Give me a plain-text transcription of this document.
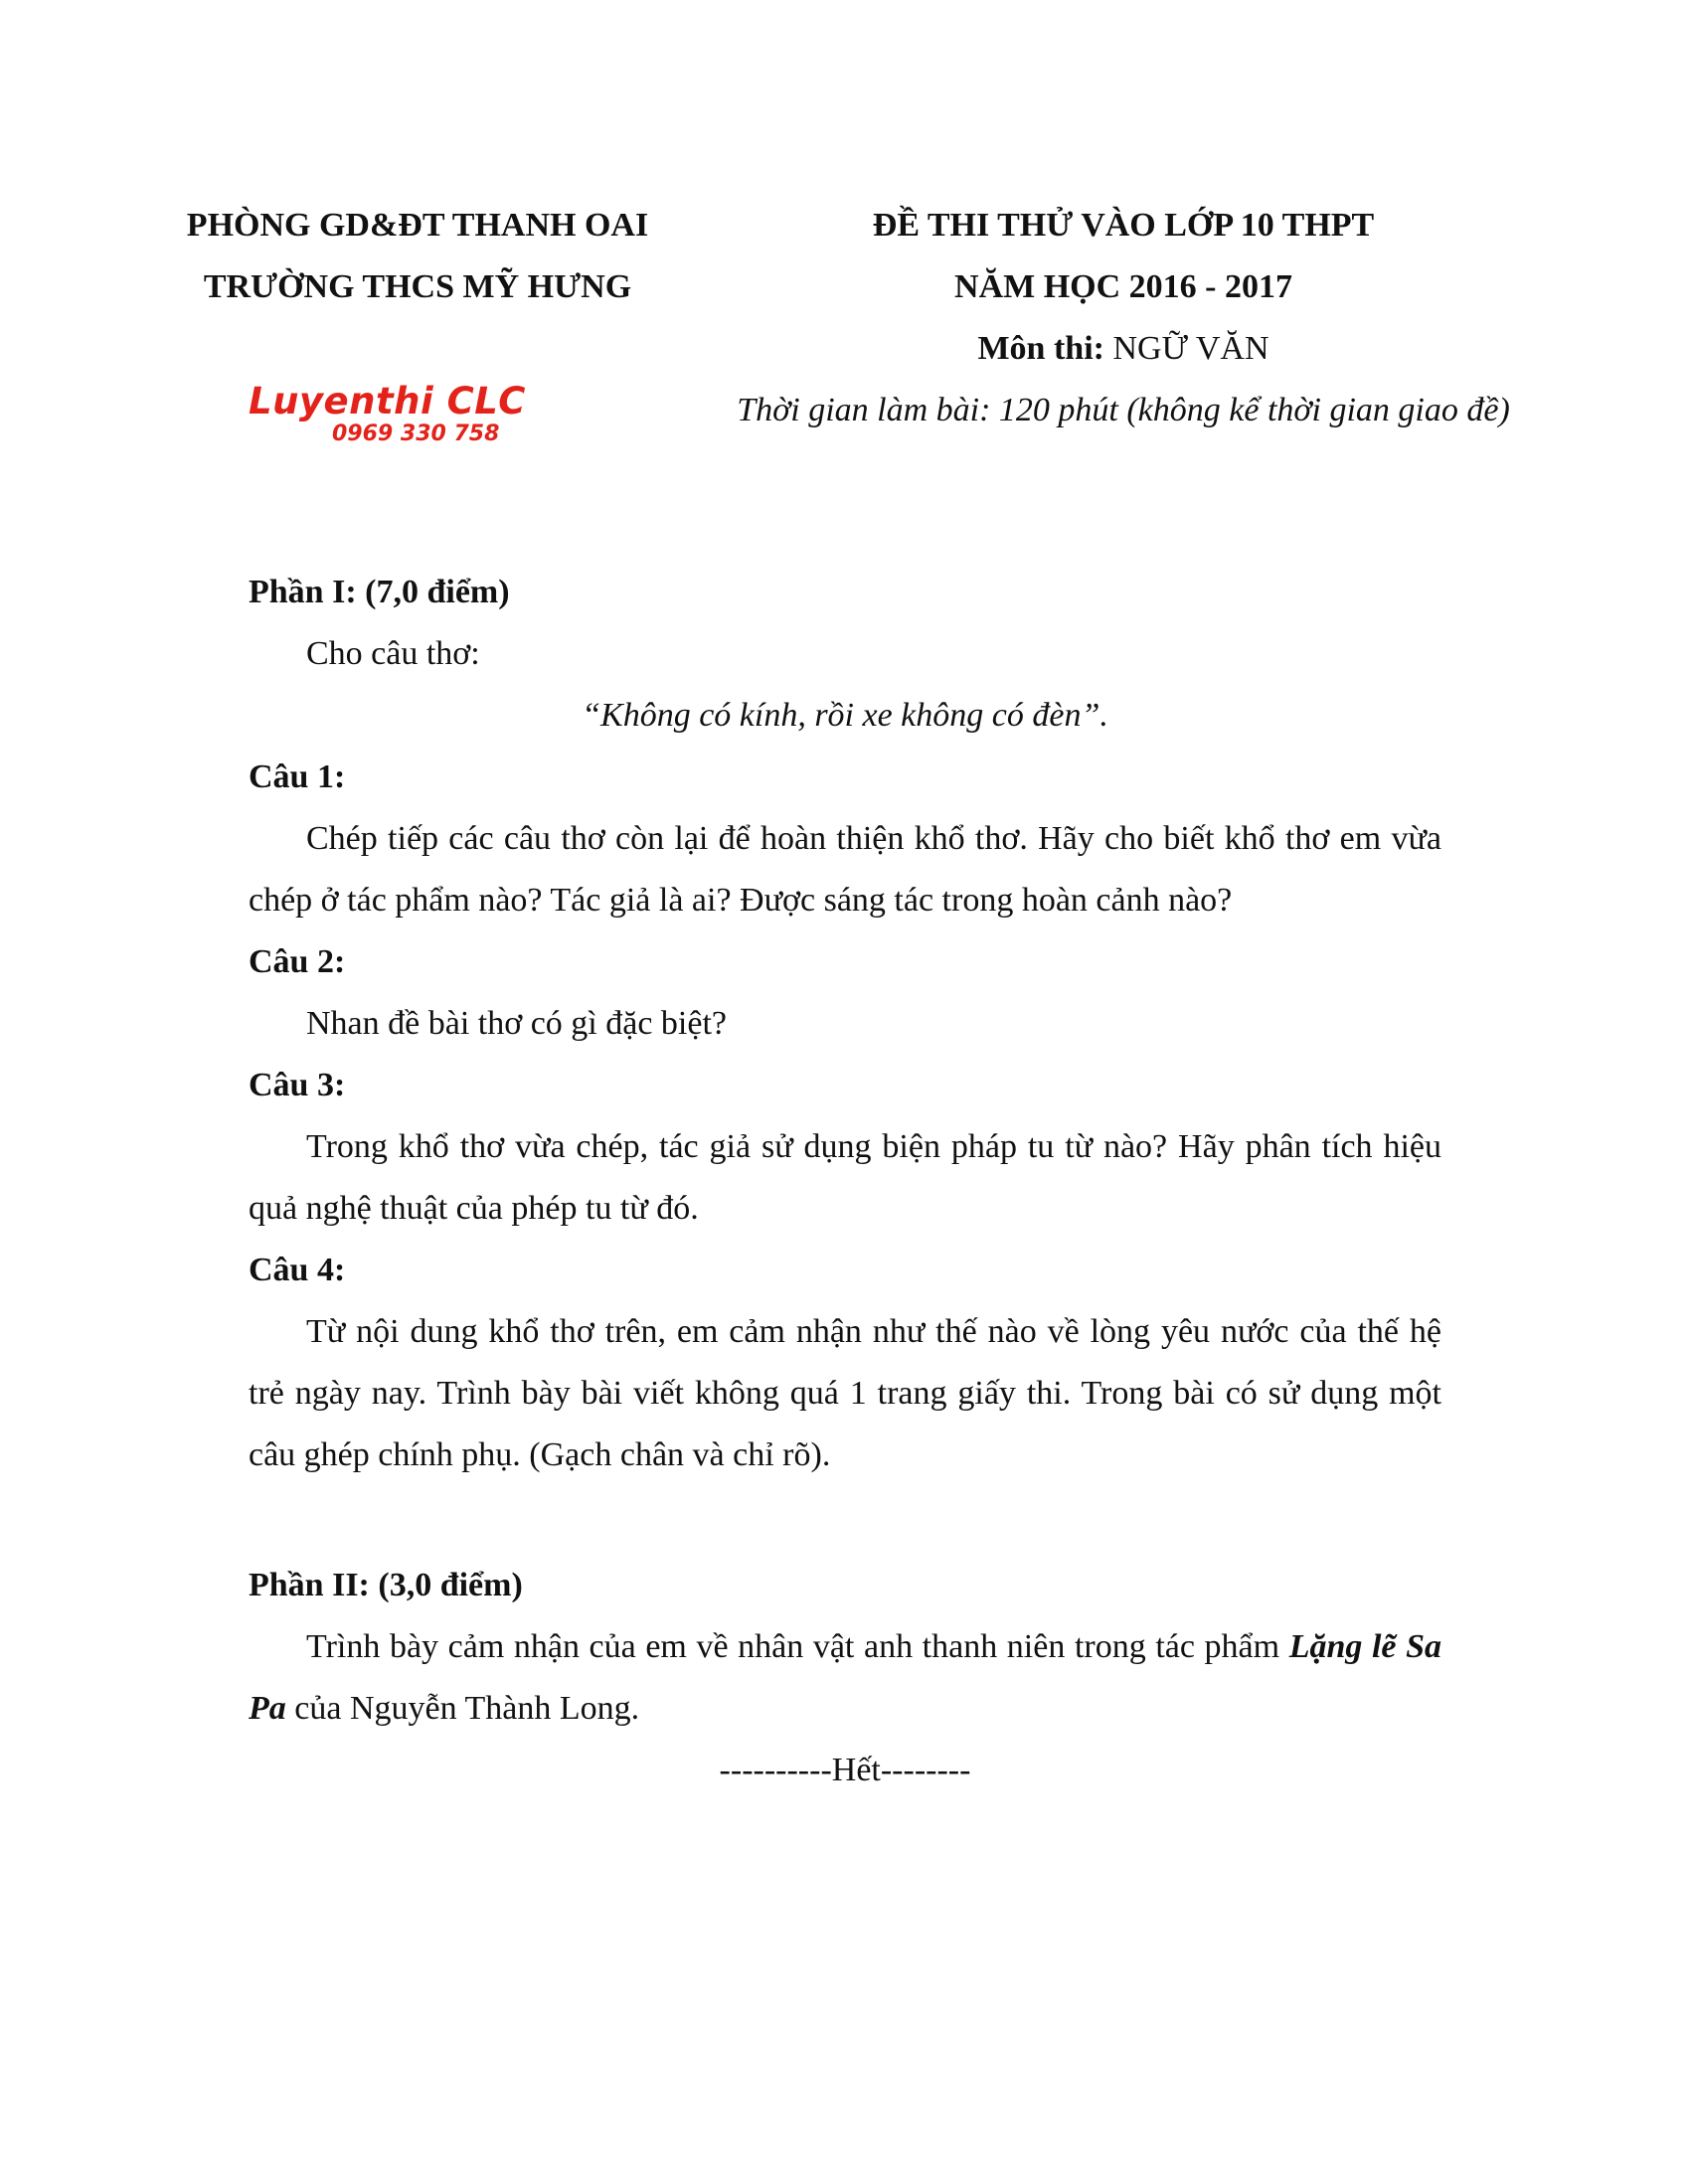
PHÒNG GD&ĐT THANH OAI
TRƯỜNG THCS MỸ HƯNG
ĐỀ THI THỬ VÀO LỚP 10 THPT
NĂM HỌC 2016 - 2017
Môn thi: NGỮ VĂN
Thời gian làm bài: 120 phút (không kể thời gian giao đề)
Luyenthi CLC
0969 330 758

Phần I: (7,0 điểm)

Cho câu thơ:

“Không có kính, rồi xe không có đèn”.

Câu 1:

Chép tiếp các câu thơ còn lại để hoàn thiện khổ thơ. Hãy cho biết khổ thơ em vừa chép ở tác phẩm nào? Tác giả là ai? Được sáng tác trong hoàn cảnh nào?

Câu 2:

Nhan đề bài thơ có gì đặc biệt?

Câu 3:

Trong khổ thơ vừa chép, tác giả sử dụng biện pháp tu từ nào? Hãy phân tích hiệu quả nghệ thuật của phép tu từ đó.

Câu 4:

Từ nội dung khổ thơ trên, em cảm nhận như thế nào về lòng yêu nước của thế hệ trẻ ngày nay. Trình bày bài viết không quá 1 trang giấy thi. Trong bài có sử dụng một câu ghép chính phụ. (Gạch chân và chỉ rõ).

Phần II: (3,0 điểm)

Trình bày cảm nhận của em về nhân vật anh thanh niên trong tác phẩm Lặng lẽ Sa Pa của Nguyễn Thành Long.

----------Hết--------
